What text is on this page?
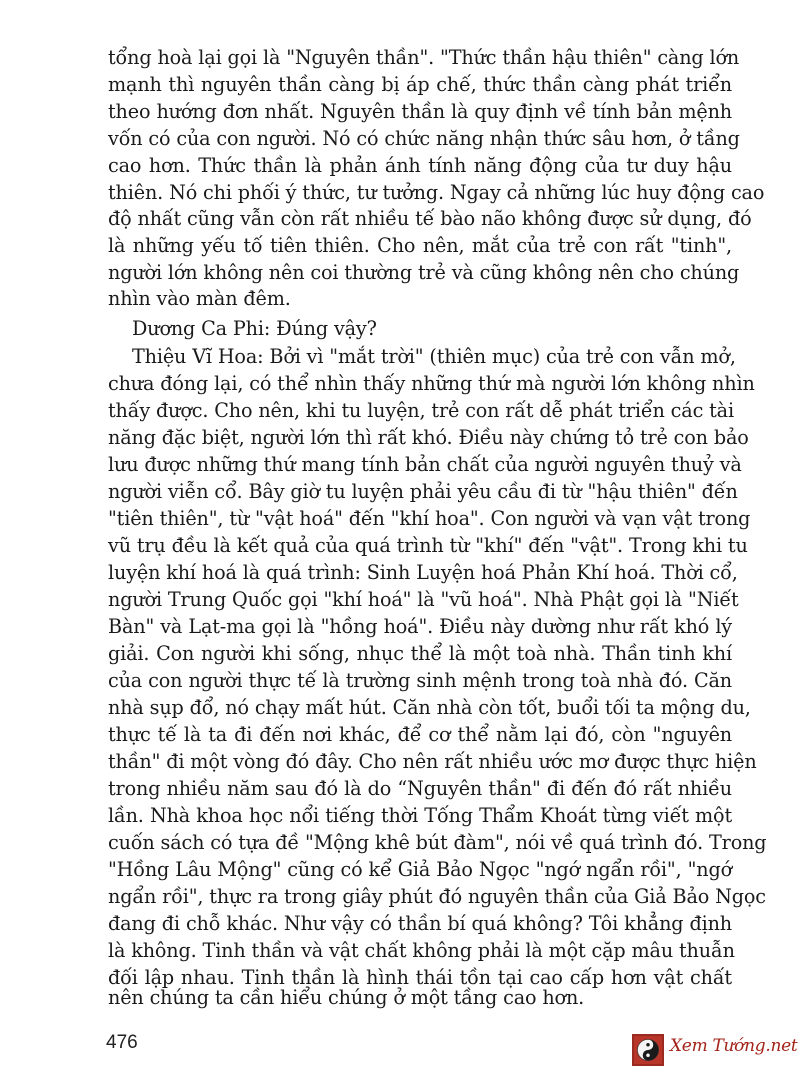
tổng hoà lại gọi là "Nguyên thần". "Thức thần hậu thiên" càng lớn
mạnh thì nguyên thần càng bị áp chế, thức thần càng phát triển
theo hướng đơn nhất. Nguyên thần là quy định về tính bản mệnh
vốn có của con người. Nó có chức năng nhận thức sâu hơn, ở tầng
cao hơn. Thức thần là phản ánh tính năng động của tư duy hậu
thiên. Nó chi phối ý thức, tư tưởng. Ngay cả những lúc huy động cao
độ nhất cũng vẫn còn rất nhiều tế bào não không được sử dụng, đó
là những yếu tố tiên thiên. Cho nên, mắt của trẻ con rất "tinh",
người lớn không nên coi thường trẻ và cũng không nên cho chúng
nhìn vào màn đêm.
Dương Ca Phi: Đúng vậy?
Thiệu Vĩ Hoa: Bởi vì "mắt trời" (thiên mục) của trẻ con vẫn mở,
chưa đóng lại, có thể nhìn thấy những thứ mà người lớn không nhìn
thấy được. Cho nên, khi tu luyện, trẻ con rất dễ phát triển các tài
năng đặc biệt, người lớn thì rất khó. Điều này chứng tỏ trẻ con bảo
lưu được những thứ mang tính bản chất của người nguyên thuỷ và
người viễn cổ. Bây giờ tu luyện phải yêu cầu đi từ "hậu thiên" đến
"tiên thiên", từ "vật hoá" đến "khí hoa". Con người và vạn vật trong
vũ trụ đều là kết quả của quá trình từ "khí" đến "vật". Trong khi tu
luyện khí hoá là quá trình: Sinh Luyện hoá Phản Khí hoá. Thời cổ,
người Trung Quốc gọi "khí hoá" là "vũ hoá". Nhà Phật gọi là "Niết
Bàn" và Lạt-ma gọi là "hồng hoá". Điều này dường như rất khó lý
giải. Con người khi sống, nhục thể là một toà nhà. Thần tinh khí
của con người thực tế là trường sinh mệnh trong toà nhà đó. Căn
nhà sụp đổ, nó chạy mất hút. Căn nhà còn tốt, buổi tối ta mộng du,
thực tế là ta đi đến nơi khác, để cơ thể nằm lại đó, còn "nguyên
thần" đi một vòng đó đây. Cho nên rất nhiều ước mơ được thực hiện
trong nhiều năm sau đó là do “Nguyên thần" đi đến đó rất nhiều
lần. Nhà khoa học nổi tiếng thời Tống Thẩm Khoát từng viết một
cuốn sách có tựa đề "Mộng khê bút đàm", nói về quá trình đó. Trong
"Hồng Lâu Mộng" cũng có kể Giả Bảo Ngọc "ngớ ngẩn rồi", "ngớ
ngẩn rồi", thực ra trong giây phút đó nguyên thần của Giả Bảo Ngọc
đang đi chỗ khác. Như vậy có thần bí quá không? Tôi khẳng định
là không. Tinh thần và vật chất không phải là một cặp mâu thuẫn
đối lập nhau. Tinh thần là hình thái tồn tại cao cấp hơn vật chất
nên chúng ta cần hiểu chúng ở một tầng cao hơn.
476	Xem Tướng.net
